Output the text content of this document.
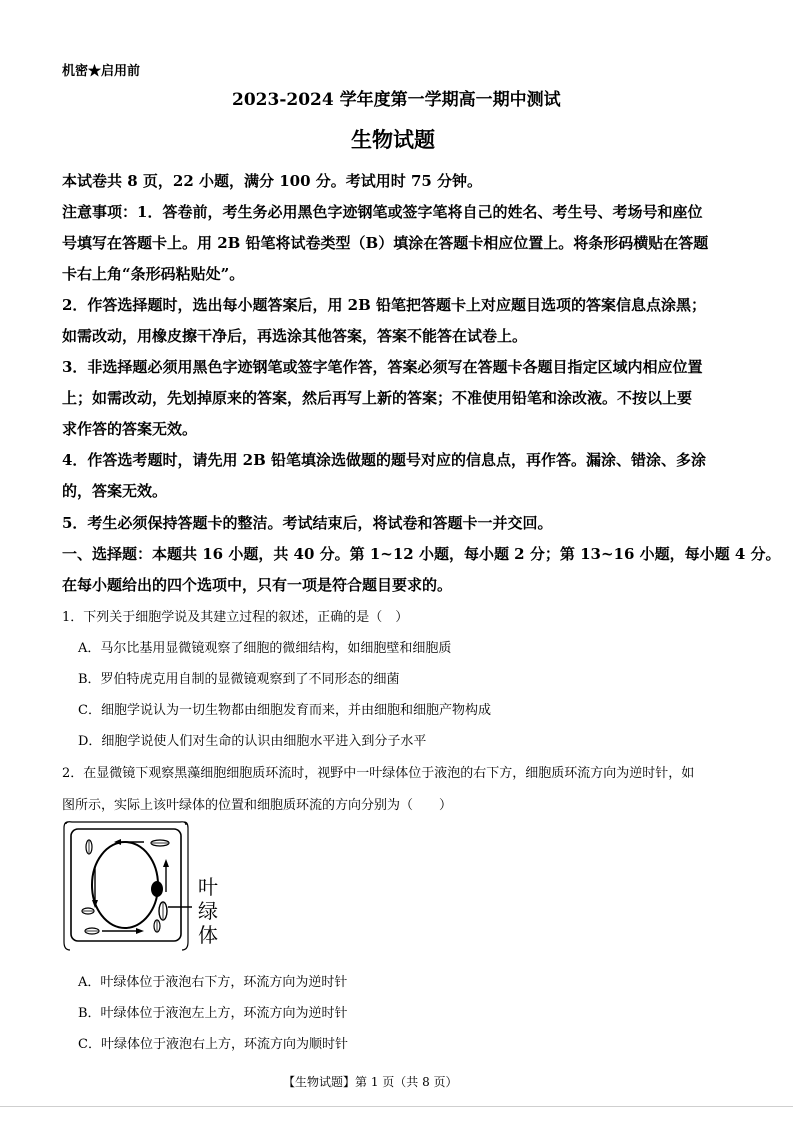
机密★启用前
2023-2024 学年度第一学期高一期中测试
生物试题
本试卷共 8 页，22 小题，满分 100 分。考试用时 75 分钟。
注意事项：1．答卷前，考生务必用黑色字迹钢笔或签字笔将自己的姓名、考生号、考场号和座位
号填写在答题卡上。用 2B 铅笔将试卷类型（B）填涂在答题卡相应位置上。将条形码横贴在答题
卡右上角“条形码粘贴处”。
2．作答选择题时，选出每小题答案后，用 2B 铅笔把答题卡上对应题目选项的答案信息点涂黑；
如需改动，用橡皮擦干净后，再选涂其他答案，答案不能答在试卷上。
3．非选择题必须用黑色字迹钢笔或签字笔作答，答案必须写在答题卡各题目指定区域内相应位置
上；如需改动，先划掉原来的答案，然后再写上新的答案；不准使用铅笔和涂改液。不按以上要
求作答的答案无效。
4．作答选考题时，请先用 2B 铅笔填涂选做题的题号对应的信息点，再作答。漏涂、错涂、多涂
的，答案无效。
5．考生必须保持答题卡的整洁。考试结束后，将试卷和答题卡一并交回。
一、选择题：本题共 16 小题，共 40 分。第 1~12 小题，每小题 2 分；第 13~16 小题，每小题 4 分。
在每小题给出的四个选项中，只有一项是符合题目要求的。
1．下列关于细胞学说及其建立过程的叙述，正确的是（　）
A．马尔比基用显微镜观察了细胞的微细结构，如细胞壁和细胞质
B．罗伯特虎克用自制的显微镜观察到了不同形态的细菌
C．细胞学说认为一切生物都由细胞发育而来，并由细胞和细胞产物构成
D．细胞学说使人们对生命的认识由细胞水平进入到分子水平
2．在显微镜下观察黑藻细胞细胞质环流时，视野中一叶绿体位于液泡的右下方，细胞质环流方向为逆时针，如
图所示，实际上该叶绿体的位置和细胞质环流的方向分别为（　　）
叶
绿
体
A．叶绿体位于液泡右下方，环流方向为逆时针
B．叶绿体位于液泡左上方，环流方向为逆时针
C．叶绿体位于液泡右上方，环流方向为顺时针
【生物试题】第 1 页（共 8 页）
